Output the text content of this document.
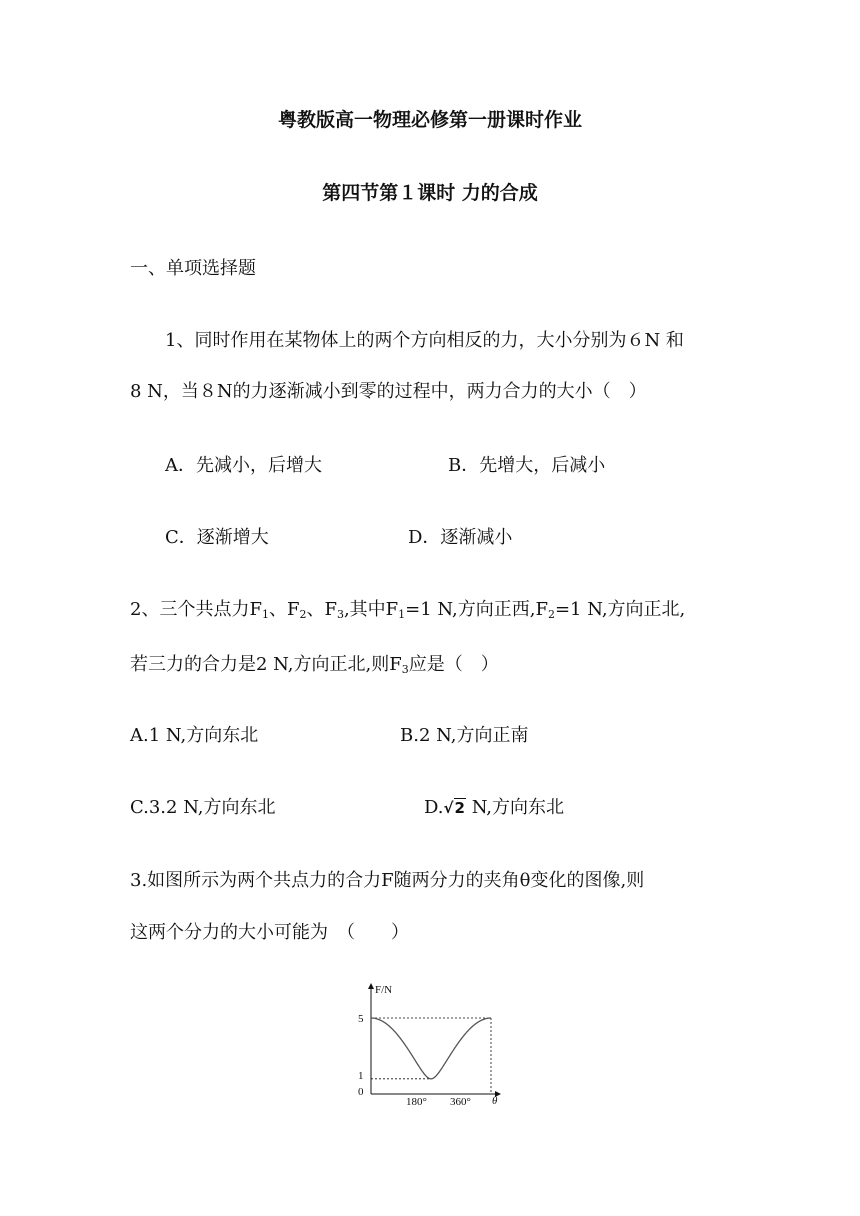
粤教版高一物理必修第一册课时作业
第四节第１课时 力的合成
一、单项选择题
1、同时作用在某物体上的两个方向相反的力，大小分别为６N 和
8 N，当８N的力逐渐减小到零的过程中，两力合力的大小（　）
A．先减小，后增大	B．先增大，后减小
C．逐渐增大	D．逐渐减小
2、三个共点力$F_1$、$F_2$、$F_3$,其中$F_1=1$ N,方向正西$,F_2=1$ N,方向正北,
若三力的合力是2 N,方向正北,则$F_3$应是（　）
A.1 N,方向东北	B.2 N,方向正南
C.3.2 N,方向东北	D.√2 N,方向东北
3.如图所示为两个共点力的合力F随两分力的夹角θ变化的图像,则
这两个分力的大小可能为　（　　）
F/N
θ
5
1
0
180° 360°
